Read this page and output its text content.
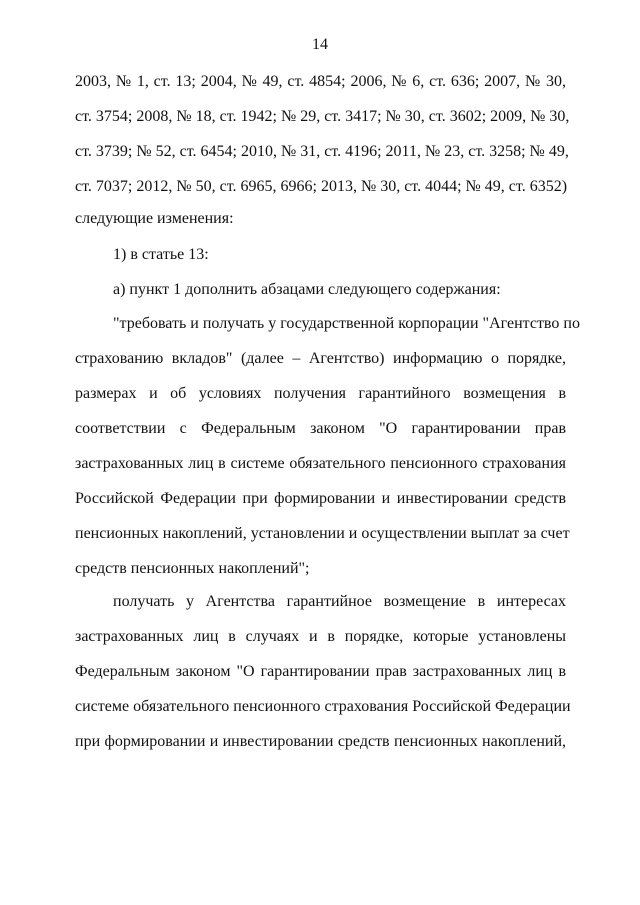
14
2003, № 1, ст. 13; 2004, № 49, ст. 4854; 2006, № 6, ст. 636; 2007, № 30,
ст. 3754; 2008, № 18, ст. 1942; № 29, ст. 3417; № 30, ст. 3602; 2009, № 30,
ст. 3739; № 52, ст. 6454; 2010, № 31, ст. 4196; 2011, № 23, ст. 3258; № 49,
ст. 7037; 2012, № 50, ст. 6965, 6966; 2013, № 30, ст. 4044; № 49, ст. 6352)
следующие изменения:
1) в статье 13:
а) пункт 1 дополнить абзацами следующего содержания:
"требовать и получать у государственной корпорации "Агентство по
страхованию вкладов" (далее – Агентство) информацию о порядке,
размерах и об условиях получения гарантийного возмещения в
соответствии с Федеральным законом "О гарантировании прав
застрахованных лиц в системе обязательного пенсионного страхования
Российской Федерации при формировании и инвестировании средств
пенсионных накоплений, установлении и осуществлении выплат за счет
средств пенсионных накоплений";
получать у Агентства гарантийное возмещение в интересах
застрахованных лиц в случаях и в порядке, которые установлены
Федеральным законом "О гарантировании прав застрахованных лиц в
системе обязательного пенсионного страхования Российской Федерации
при формировании и инвестировании средств пенсионных накоплений,
